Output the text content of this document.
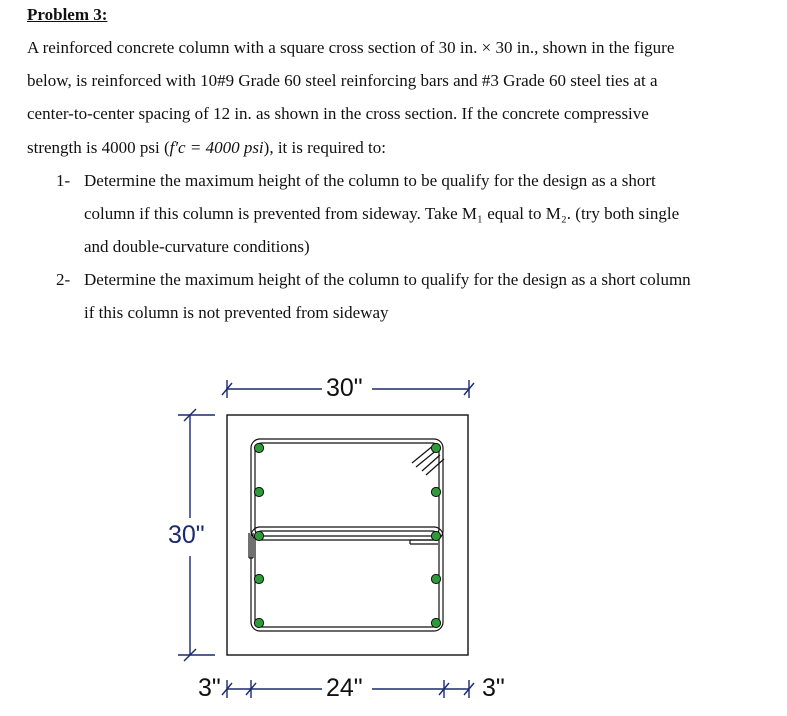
Problem 3:
A reinforced concrete column with a square cross section of 30 in. × 30 in., shown in the figure
below, is reinforced with 10#9 Grade 60 steel reinforcing bars and #3 Grade 60 steel ties at a
center-to-center spacing of 12 in. as shown in the cross section. If the concrete compressive
strength is 4000 psi (f′c = 4000 psi), it is required to:
1- Determine the maximum height of the column to be qualify for the design as a short
column if this column is prevented from sideway. Take M₁ equal to M₂. (try both single
and double-curvature conditions)
2- Determine the maximum height of the column to qualify for the design as a short column
if this column is not prevented from sideway
30"
30"
3"	24"	3"
